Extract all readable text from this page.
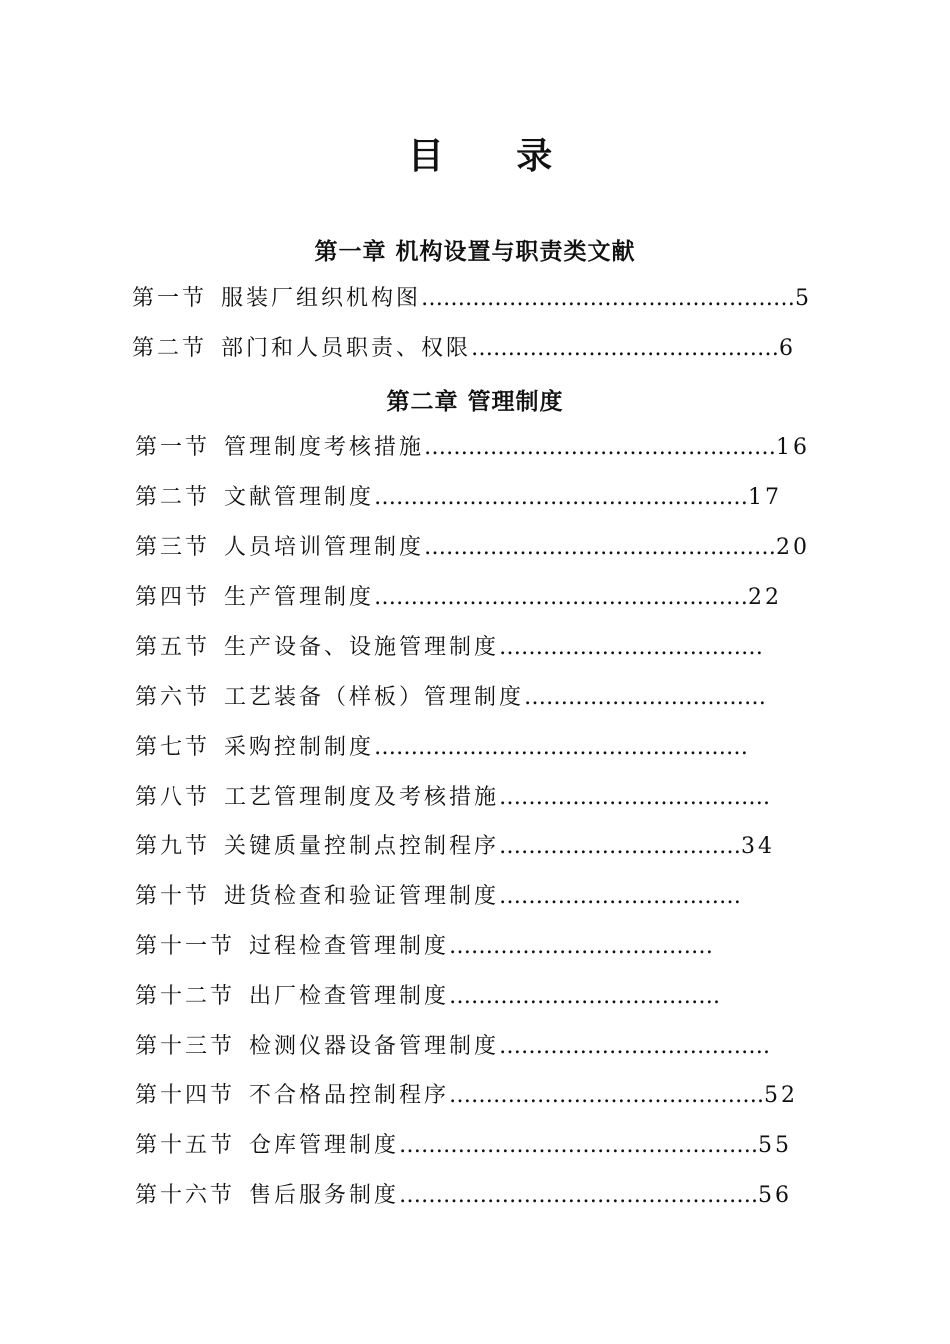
目 录
第一章 机构设置与职责类文献
第一节 服装厂组织机构图……………………………………………5
第二节 部门和人员职责、权限……………………………………6
第二章 管理制度
第一节 管理制度考核措施…………………………………………16
第二节 文献管理制度……………………………………………17
第三节 人员培训管理制度…………………………………………20
第四节 生产管理制度……………………………………………22
第五节 生产设备、设施管理制度………………………………
第六节 工艺装备（样板）管理制度……………………………
第七节 采购控制制度……………………………………………
第八节 工艺管理制度及考核措施……………………………….
第九节 关键质量控制点控制程序……………………………34
第十节 进货检查和验证管理制度……………………………
第十一节 过程检查管理制度………………………………
第十二节 出厂检查管理制度……………………………….
第十三节 检测仪器设备管理制度……………………………….
第十四节 不合格品控制程序…………………………………….52
第十五节 仓库管理制度………………………………………….55
第十六节 售后服务制度………………………………………….56
